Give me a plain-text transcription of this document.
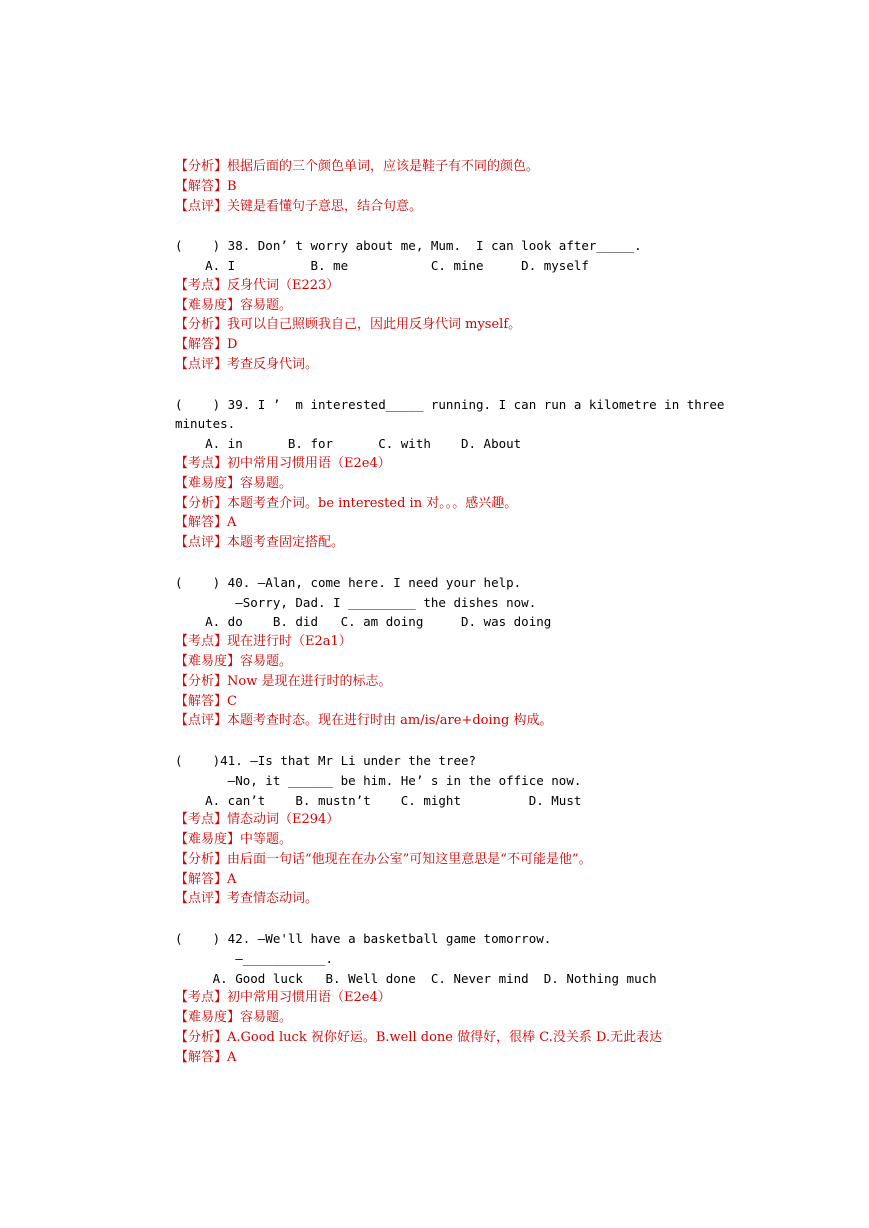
【分析】根据后面的三个颜色单词，应该是鞋子有不同的颜色。
【解答】B
【点评】关键是看懂句子意思，结合句意。
(    ) 38. Don’ t worry about me, Mum.  I can look after_____.
A. I          B. me           C. mine     D. myself
【考点】反身代词（E223）
【难易度】容易题。
【分析】我可以自己照顾我自己，因此用反身代词 myself。
【解答】D
【点评】考查反身代词。
(    ) 39. I ’  m interested_____ running. I can run a kilometre in three
minutes.
A. in      B. for      C. with    D. About
【考点】初中常用习惯用语（E2e4）
【难易度】容易题。
【分析】本题考查介词。be interested in 对。。。感兴趣。
【解答】A
【点评】本题考查固定搭配。
(    ) 40. —Alan, come here. I need your help.
—Sorry, Dad. I _________ the dishes now.
A. do    B. did   C. am doing     D. was doing
【考点】现在进行时（E2a1）
【难易度】容易题。
【分析】Now 是现在进行时的标志。
【解答】C
【点评】本题考查时态。现在进行时由 am/is/are+doing 构成。
(    )41. —Is that Mr Li under the tree?
—No, it ______ be him. He’ s in the office now.
A. can’t    B. mustn’t    C. might         D. Must
【考点】情态动词（E294）
【难易度】中等题。
【分析】由后面一句话“他现在在办公室”可知这里意思是“不可能是他”。
【解答】A
【点评】考查情态动词。
(    ) 42. —We'll have a basketball game tomorrow.
—___________.
A. Good luck   B. Well done  C. Never mind  D. Nothing much
【考点】初中常用习惯用语（E2e4）
【难易度】容易题。
【分析】A.Good luck 祝你好运。B.well done 做得好，很棒 C.没关系 D.无此表达
【解答】A
